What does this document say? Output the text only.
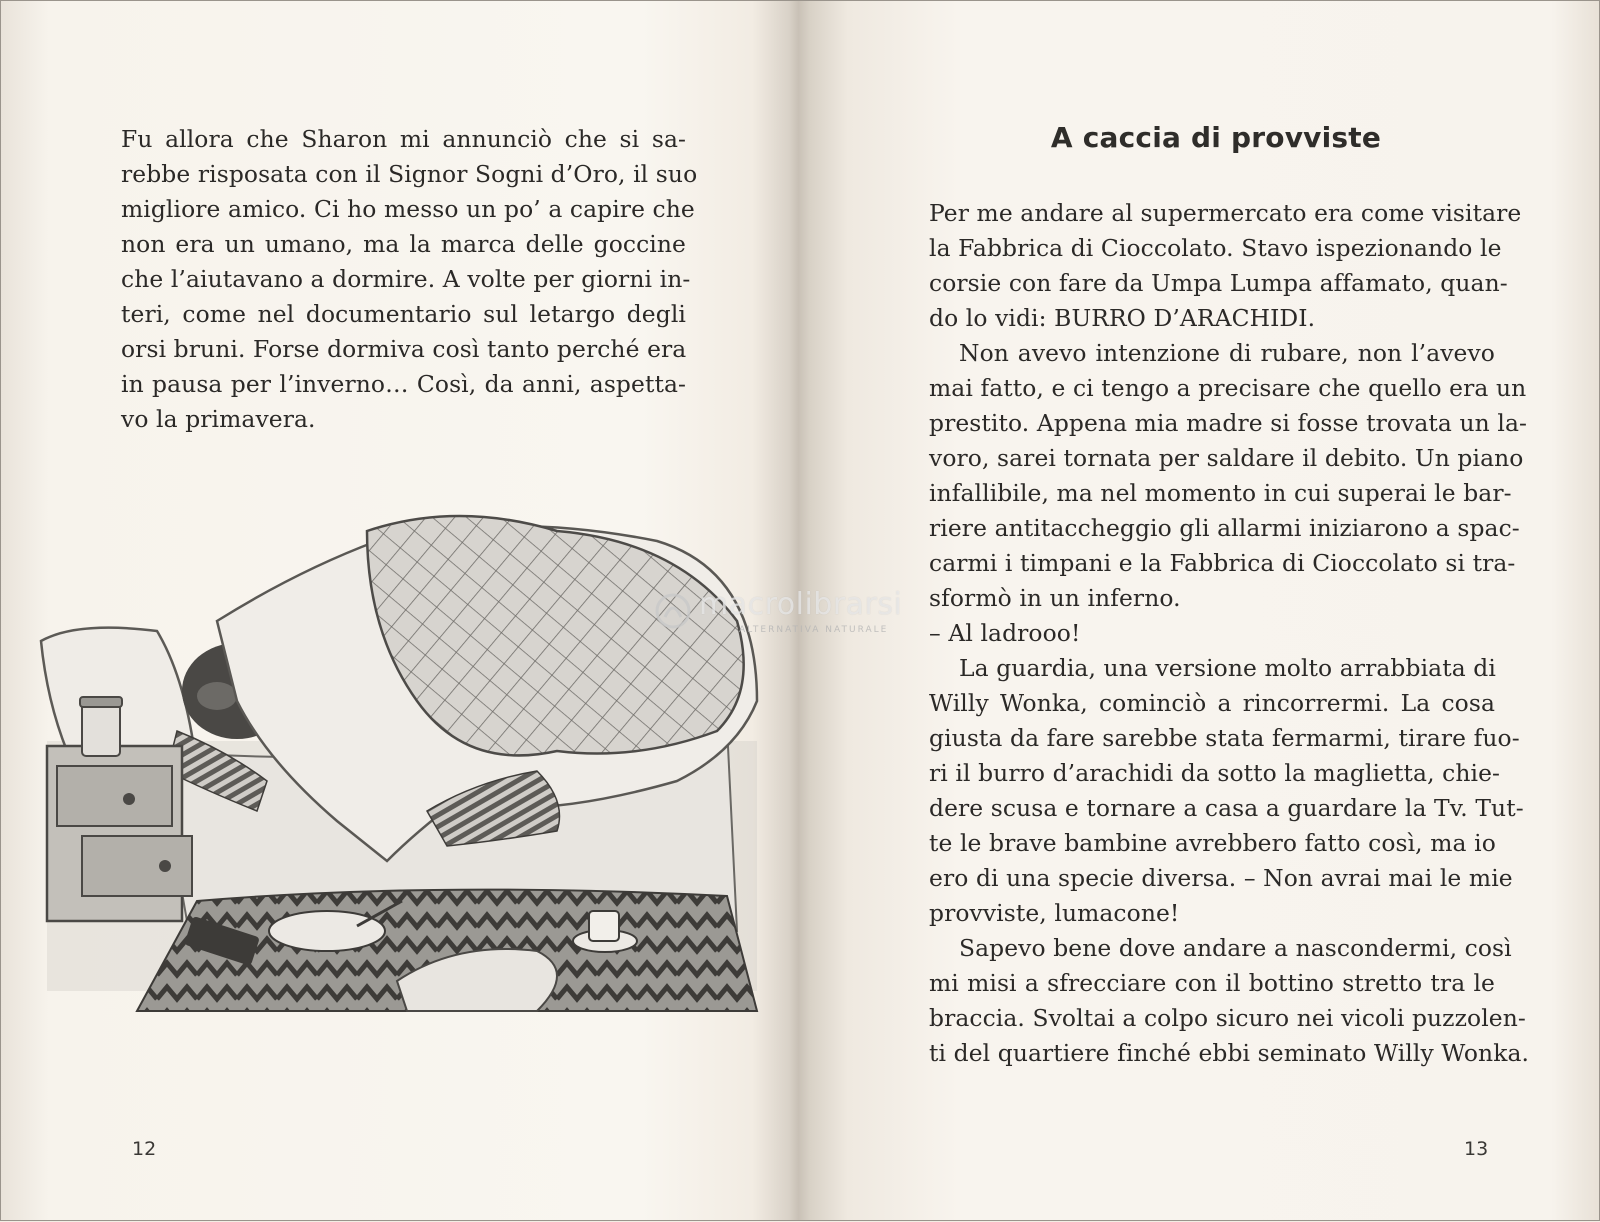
Fu allora che Sharon mi annunciò che si sa-
rebbe risposata con il Signor Sogni d’Oro, il suo
migliore amico. Ci ho messo un po’ a capire che
non era un umano, ma la marca delle goccine
che l’aiutavano a dormire. A volte per giorni in-
teri, come nel documentario sul letargo degli
orsi bruni. Forse dormiva così tanto perché era
in pausa per l’inverno… Così, da anni, aspetta-
vo la primavera.
12
macrolibrarsi
ALTERNATIVA NATURALE
A caccia di provviste
Per me andare al supermercato era come visitare
la Fabbrica di Cioccolato. Stavo ispezionando le
corsie con fare da Umpa Lumpa affamato, quan-
do lo vidi: BURRO D’ARACHIDI.
Non avevo intenzione di rubare, non l’avevo
mai fatto, e ci tengo a precisare che quello era un
prestito. Appena mia madre si fosse trovata un la-
voro, sarei tornata per saldare il debito. Un piano
infallibile, ma nel momento in cui superai le bar-
riere antitaccheggio gli allarmi iniziarono a spac-
carmi i timpani e la Fabbrica di Cioccolato si tra-
sformò in un inferno.
– Al ladrooo!
La guardia, una versione molto arrabbiata di
Willy Wonka, cominciò a rincorrermi. La cosa
giusta da fare sarebbe stata fermarmi, tirare fuo-
ri il burro d’arachidi da sotto la maglietta, chie-
dere scusa e tornare a casa a guardare la Tv. Tut-
te le brave bambine avrebbero fatto così, ma io
ero di una specie diversa. – Non avrai mai le mie
provviste, lumacone!
Sapevo bene dove andare a nascondermi, così
mi misi a sfrecciare con il bottino stretto tra le
braccia. Svoltai a colpo sicuro nei vicoli puzzolen-
ti del quartiere finché ebbi seminato Willy Wonka.
13
